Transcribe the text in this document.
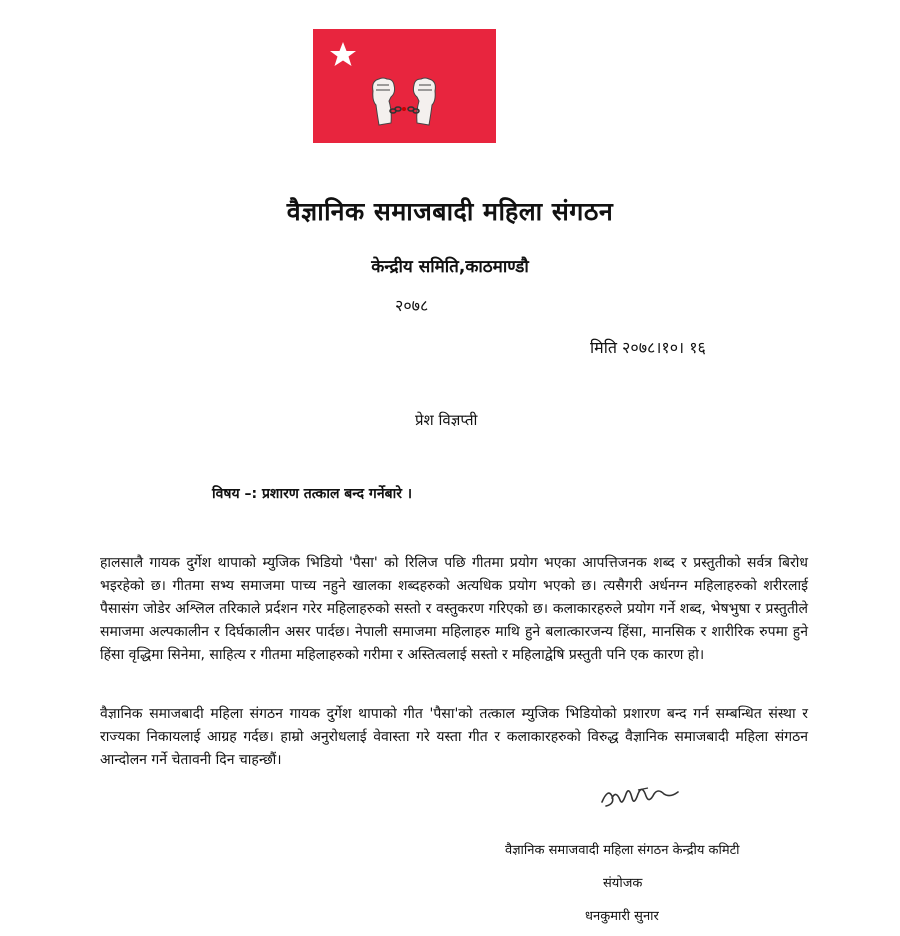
वैज्ञानिक समाजबादी महिला संगठन
केन्द्रीय समिति,काठमाण्डौ
२०७८
मिति २०७८।१०। १६
प्रेश विज्ञप्ती
विषय –: प्रशारण तत्काल बन्द गर्नेबारे ।

हालसालै गायक दुर्गेश थापाको म्युजिक भिडियो 'पैसा' को रिलिज पछि गीतमा प्रयोग भएका आपत्तिजनक शब्द र प्रस्तुतीको सर्वत्र बिरोध भइरहेको छ। गीतमा सभ्य समाजमा पाच्य नहुने खालका शब्दहरुको अत्यधिक प्रयोग भएको छ। त्यसैगरी अर्धनग्न महिलाहरुको शरीरलाई पैसासंग जोडेर अश्लिल तरिकाले प्रर्दशन गरेर महिलाहरुको सस्तो र वस्तुकरण गरिएको छ। कलाकारहरुले प्रयोग गर्ने शब्द, भेषभुषा र प्रस्तुतीले समाजमा अल्पकालीन र दिर्घकालीन असर पार्दछ। नेपाली समाजमा महिलाहरु माथि हुने बलात्कारजन्य हिंसा, मानसिक र शारीरिक रुपमा हुने हिंसा वृद्धिमा सिनेमा, साहित्य र गीतमा महिलाहरुको गरीमा र अस्तित्वलाई सस्तो र महिलाद्वेषि प्रस्तुती पनि एक कारण हो।

वैज्ञानिक समाजबादी महिला संगठन गायक दुर्गेश थापाको गीत 'पैसा'को तत्काल म्युजिक भिडियोको प्रशारण बन्द गर्न सम्बन्धित संस्था र राज्यका निकायलाई आग्रह गर्दछ। हाम्रो अनुरोधलाई वेवास्ता गरे यस्ता गीत र कलाकारहरुको विरुद्ध वैज्ञानिक समाजबादी महिला संगठन आन्दोलन गर्ने चेतावनी दिन चाहन्छौं।

वैज्ञानिक समाजवादी महिला संगठन केन्द्रीय कमिटी
संयोजक
धनकुमारी सुनार
